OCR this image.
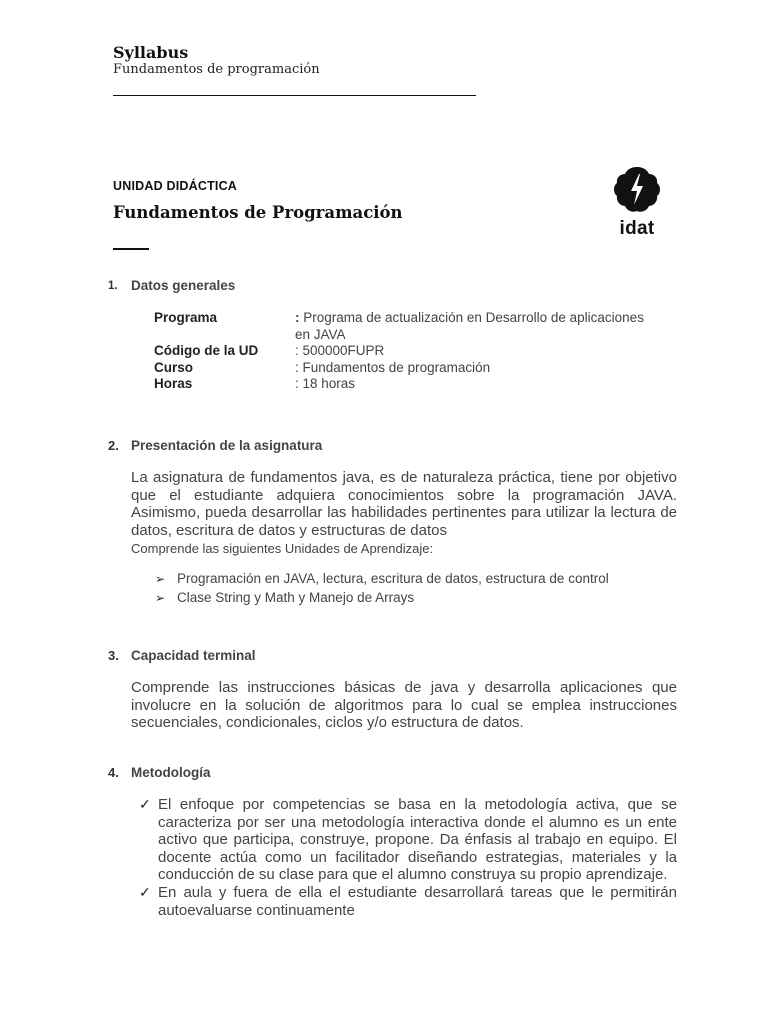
Syllabus
Fundamentos de programación
UNIDAD DIDÁCTICA
Fundamentos de Programación
idat
1. Datos generales
Programa	: Programa de actualización en Desarrollo de aplicaciones
en JAVA
Código de la UD	: 500000FUPR
Curso	: Fundamentos de programación
Horas	: 18 horas
2. Presentación de la asignatura
La asignatura de fundamentos java, es de naturaleza práctica, tiene por objetivo que el estudiante adquiera conocimientos sobre la programación JAVA. Asimismo, pueda desarrollar las habilidades pertinentes para utilizar la lectura de datos, escritura de datos y estructuras de datos
Comprende las siguientes Unidades de Aprendizaje:
➢ Programación en JAVA, lectura, escritura de datos, estructura de control
➢ Clase String y Math y Manejo de Arrays
3. Capacidad terminal
Comprende las instrucciones básicas de java y desarrolla aplicaciones que involucre en la solución de algoritmos para lo cual se emplea instrucciones secuenciales, condicionales, ciclos y/o estructura de datos.
4. Metodología
✓ El enfoque por competencias se basa en la metodología activa, que se caracteriza por ser una metodología interactiva donde el alumno es un ente activo que participa, construye, propone. Da énfasis al trabajo en equipo. El docente actúa como un facilitador diseñando estrategias, materiales y la conducción de su clase para que el alumno construya su propio aprendizaje.
✓ En aula y fuera de ella el estudiante desarrollará tareas que le permitirán autoevaluarse continuamente
